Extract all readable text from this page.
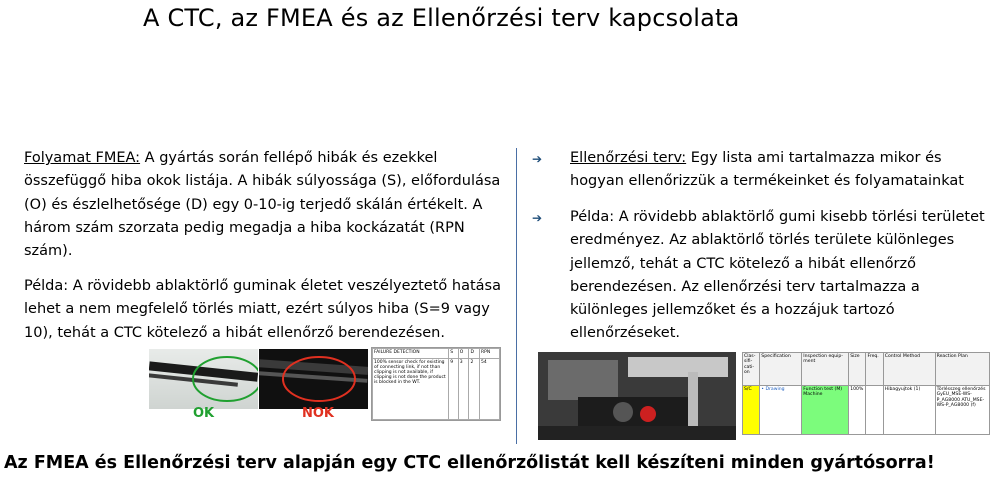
A CTC, az FMEA és az Ellenőrzési terv kapcsolata
Folyamat FMEA: A gyártás során fellépő hibák és ezekkel összefüggő hiba okok listája. A hibák súlyossága (S), előfordulása (O) és észlelhetősége (D) egy 0-10-ig terjedő skálán értékelt. A három szám szorzata pedig megadja a hiba kockázatát (RPN szám).
Példa: A rövidebb ablaktörlő guminak életet veszélyeztető hatása lehet a nem megfelelő törlés miatt, ezért súlyos hiba (S=9 vagy 10), tehát a CTC kötelező a hibát ellenőrző berendezésen.
OK	NOK
FAILURE DETECTION	S	O	D	RPN
100% sensor check for existing of connecting link, if not than clipping is not available, if clipping is not done the product is blocked in the WT.	9	3	2	54
➔ Ellenőrzési terv: Egy lista ami tartalmazza mikor és hogyan ellenőrizzük a termékeinket és folyamatainkat
➔ Példa: A rövidebb ablaktörlő gumi kisebb törlési területet eredményez. Az ablaktörlő törlés területe különleges jellemző, tehát a CTC kötelező a hibát ellenőrző berendezésen. Az ellenőrzési terv tartalmazza a különleges jellemzőket és a hozzájuk tartozó ellenőrzéseket.
Clas-sifi-cati-on	Specification	Inspection equip-ment	Size	Freq.	Control Method	Reaction Plan
S/C	• Drawing	Function test (M) Machine	100%		Hibagyujtok (1)	Törlésszeg ellenőrzés GyEU_MSE-WS-P_AG8000 ATU_MSE-WS-P_AG8000 (f)
Az FMEA és Ellenőrzési terv alapján egy CTC ellenőrzőlistát kell készíteni minden gyártósorra!
